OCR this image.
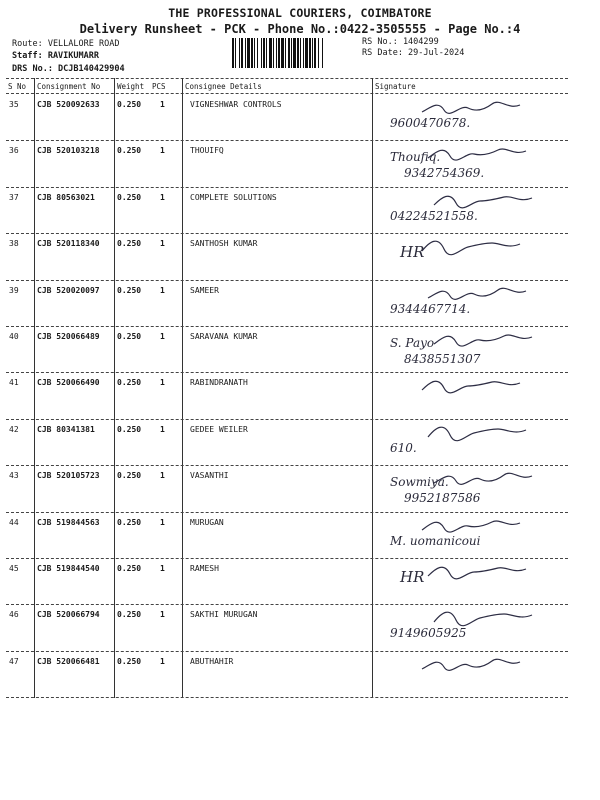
THE PROFESSIONAL COURIERS, COIMBATORE
Delivery Runsheet - PCK - Phone No.:0422-3505555 - Page No.:4
Route: VELLALORE ROAD
Staff: RAVIKUMARR
DRS No.: DCJB140429904
RS No.: 1404299
RS Date: 29-Jul-2024
S No Consignment No Weight PCS	Consignee Details	Signature
35 CJB 520092633 0.250 1	VIGNESHWAR CONTROLS
9600470678.
36 CJB 520103218 0.250 1	THOUIFQ	Thoufiq.
9342754369.
37 CJB 80563021	0.250 1	COMPLETE SOLUTIONS
04224521558.
38 CJB 520118340 0.250 1	SANTHOSH KUMAR	HR
39 CJB 520020097 0.250 1	SAMEER
9344467714.
40 CJB 520066489 0.250 1	SARAVANA KUMAR	S. Payo
8438551307
41 CJB 520066490 0.250 1	RABINDRANATH
42 CJB 80341381	0.250 1	GEDEE WEILER
610.
43 CJB 520105723 0.250 1	VASANTHI	Sowmiya.
9952187586
44 CJB 519844563 0.250 1	MURUGAN
M. uomanicoui
45 CJB 519844540 0.250 1	RAMESH	HR
46 CJB 520066794 0.250 1	SAKTHI MURUGAN
9149605925
47 CJB 520066481 0.250 1	ABUTHAHIR
